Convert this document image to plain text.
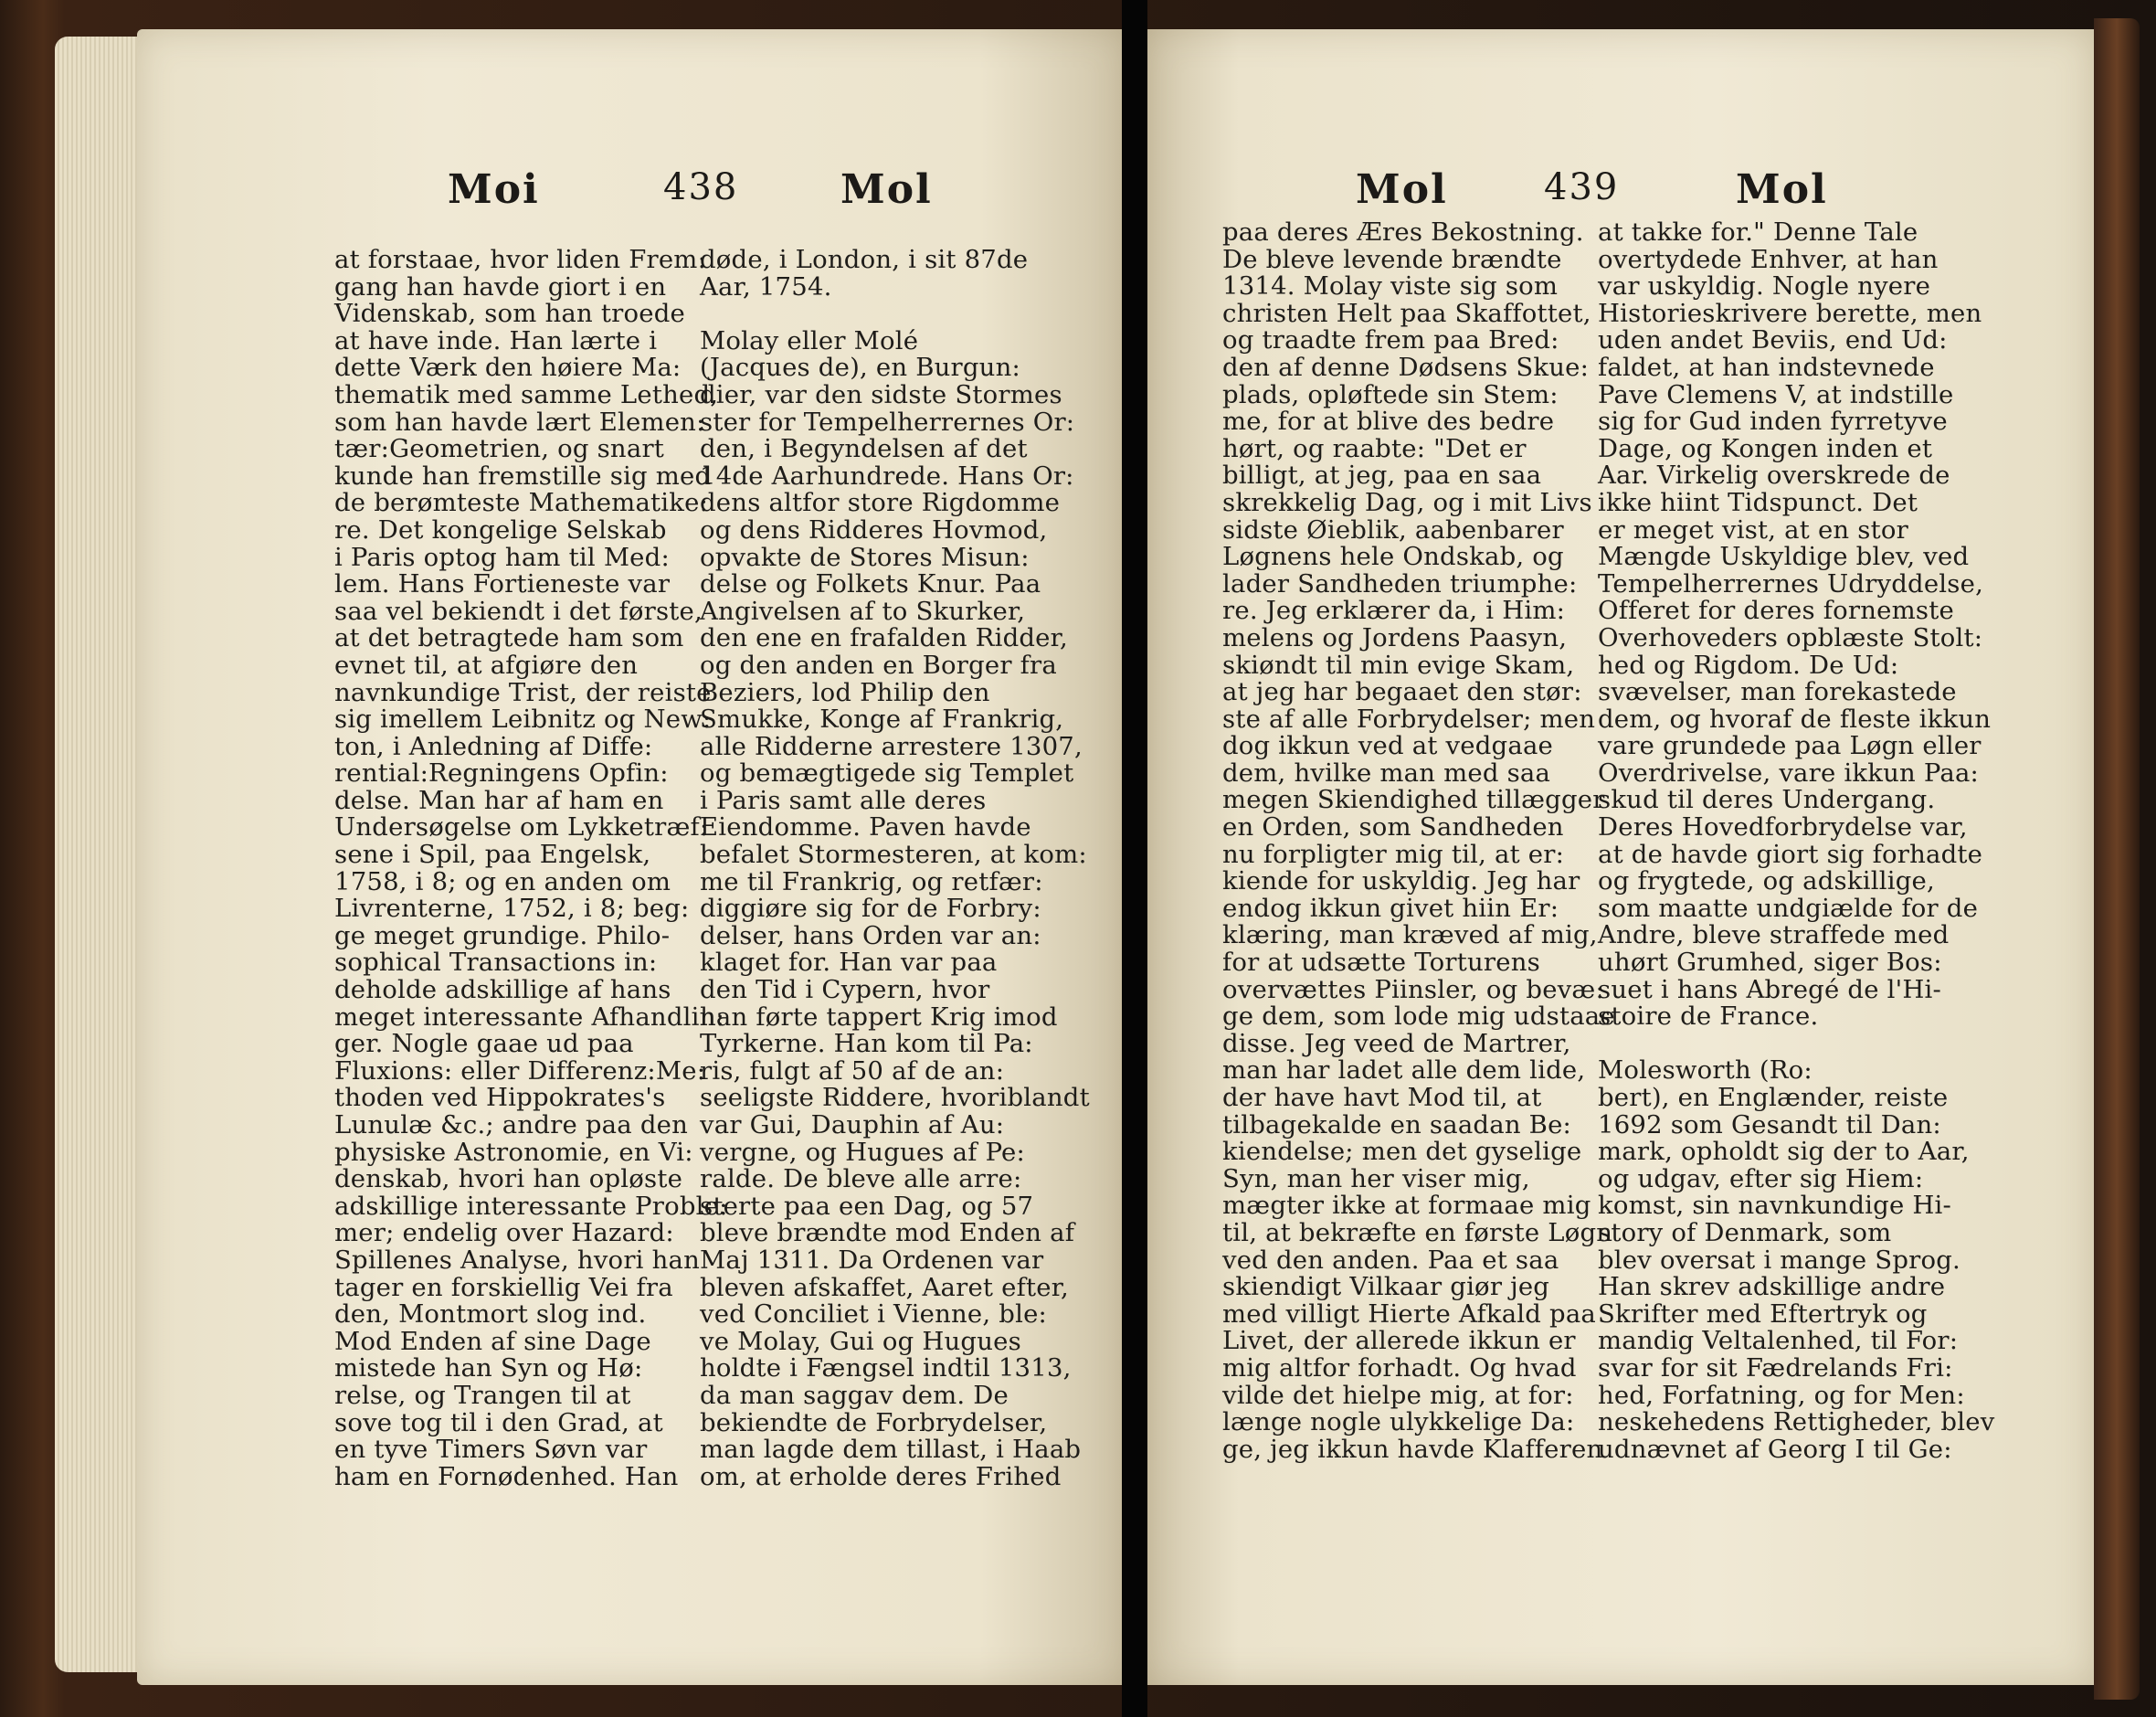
Moi	438	Mol
at forstaae, hvor liden Frem:
gang han havde giort i en
Videnskab, som han troede
at have inde. Han lærte i
dette Værk den høiere Ma:
thematik med samme Lethed,
som han havde lært Elemen:
tær:Geometrien, og snart
kunde han fremstille sig med
de berømteste Mathematike:
re. Det kongelige Selskab
i Paris optog ham til Med:
lem. Hans Fortieneste var
saa vel bekiendt i det første,
at det betragtede ham som
evnet til, at afgiøre den
navnkundige Trist, der reiste
sig imellem Leibnitz og New:
ton, i Anledning af Diffe:
rential:Regningens Opfin:
delse. Man har af ham en
Undersøgelse om Lykketræf:
sene i Spil, paa Engelsk,
1758, i 8; og en anden om
Livrenterne, 1752, i 8; beg:
ge meget grundige. Philo-
sophical Transactions in:
deholde adskillige af hans
meget interessante Afhandlin:
ger. Nogle gaae ud paa
Fluxions: eller Differenz:Me:
thoden ved Hippokrates's
Lunulæ &c.; andre paa den
physiske Astronomie, en Vi:
denskab, hvori han opløste
adskillige interessante Proble:
mer; endelig over Hazard:
Spillenes Analyse, hvori han
tager en forskiellig Vei fra
den, Montmort slog ind.
Mod Enden af sine Dage
mistede han Syn og Hø:
relse, og Trangen til at
sove tog til i den Grad, at
en tyve Timers Søvn var
ham en Fornødenhed. Han
døde, i London, i sit 87de
Aar, 1754.

Molay eller Molé
(Jacques de), en Burgun:
dier, var den sidste Stormes
ster for Tempelherrernes Or:
den, i Begyndelsen af det
14de Aarhundrede. Hans Or:
dens altfor store Rigdomme
og dens Ridderes Hovmod,
opvakte de Stores Misun:
delse og Folkets Knur. Paa
Angivelsen af to Skurker,
den ene en frafalden Ridder,
og den anden en Borger fra
Beziers, lod Philip den
Smukke, Konge af Frankrig,
alle Ridderne arrestere 1307,
og bemægtigede sig Templet
i Paris samt alle deres
Eiendomme. Paven havde
befalet Stormesteren, at kom:
me til Frankrig, og retfær:
diggiøre sig for de Forbry:
delser, hans Orden var an:
klaget for. Han var paa
den Tid i Cypern, hvor
han førte tappert Krig imod
Tyrkerne. Han kom til Pa:
ris, fulgt af 50 af de an:
seeligste Riddere, hvoriblandt
var Gui, Dauphin af Au:
vergne, og Hugues af Pe:
ralde. De bleve alle arre:
sterte paa een Dag, og 57
bleve brændte mod Enden af
Maj 1311. Da Ordenen var
bleven afskaffet, Aaret efter,
ved Conciliet i Vienne, ble:
ve Molay, Gui og Hugues
holdte i Fængsel indtil 1313,
da man saggav dem. De
bekiendte de Forbrydelser,
man lagde dem tillast, i Haab
om, at erholde deres Frihed
Mol	439	Mol
paa deres Æres Bekostning.
De bleve levende brændte
1314. Molay viste sig som
christen Helt paa Skaffottet,
og traadte frem paa Bred:
den af denne Dødsens Skue:
plads, opløftede sin Stem:
me, for at blive des bedre
hørt, og raabte: "Det er
billigt, at jeg, paa en saa
skrekkelig Dag, og i mit Livs
sidste Øieblik, aabenbarer
Løgnens hele Ondskab, og
lader Sandheden triumphe:
re. Jeg erklærer da, i Him:
melens og Jordens Paasyn,
skiøndt til min evige Skam,
at jeg har begaaet den stør:
ste af alle Forbrydelser; men
dog ikkun ved at vedgaae
dem, hvilke man med saa
megen Skiendighed tillægger
en Orden, som Sandheden
nu forpligter mig til, at er:
kiende for uskyldig. Jeg har
endog ikkun givet hiin Er:
klæring, man kræved af mig,
for at udsætte Torturens
overvættes Piinsler, og bevæ:
ge dem, som lode mig udstaae
disse. Jeg veed de Martrer,
man har ladet alle dem lide,
der have havt Mod til, at
tilbagekalde en saadan Be:
kiendelse; men det gyselige
Syn, man her viser mig,
mægter ikke at formaae mig
til, at bekræfte en første Løgn
ved den anden. Paa et saa
skiendigt Vilkaar giør jeg
med villigt Hierte Afkald paa
Livet, der allerede ikkun er
mig altfor forhadt. Og hvad
vilde det hielpe mig, at for:
længe nogle ulykkelige Da:
ge, jeg ikkun havde Klafferen
at takke for." Denne Tale
overtydede Enhver, at han
var uskyldig. Nogle nyere
Historieskrivere berette, men
uden andet Beviis, end Ud:
faldet, at han indstevnede
Pave Clemens V, at indstille
sig for Gud inden fyrretyve
Dage, og Kongen inden et
Aar. Virkelig overskrede de
ikke hiint Tidspunct. Det
er meget vist, at en stor
Mængde Uskyldige blev, ved
Tempelherrernes Udryddelse,
Offeret for deres fornemste
Overhoveders opblæste Stolt:
hed og Rigdom. De Ud:
svævelser, man forekastede
dem, og hvoraf de fleste ikkun
vare grundede paa Løgn eller
Overdrivelse, vare ikkun Paa:
skud til deres Undergang.
Deres Hovedforbrydelse var,
at de havde giort sig forhadte
og frygtede, og adskillige,
som maatte undgiælde for de
Andre, bleve straffede med
uhørt Grumhed, siger Bos:
suet i hans Abregé de l'Hi-
stoire de France.

Molesworth (Ro:
bert), en Englænder, reiste
1692 som Gesandt til Dan:
mark, opholdt sig der to Aar,
og udgav, efter sig Hiem:
komst, sin navnkundige Hi-
story of Denmark, som
blev oversat i mange Sprog.
Han skrev adskillige andre
Skrifter med Eftertryk og
mandig Veltalenhed, til For:
svar for sit Fædrelands Fri:
hed, Forfatning, og for Men:
neskehedens Rettigheder, blev
udnævnet af Georg I til Ge:
